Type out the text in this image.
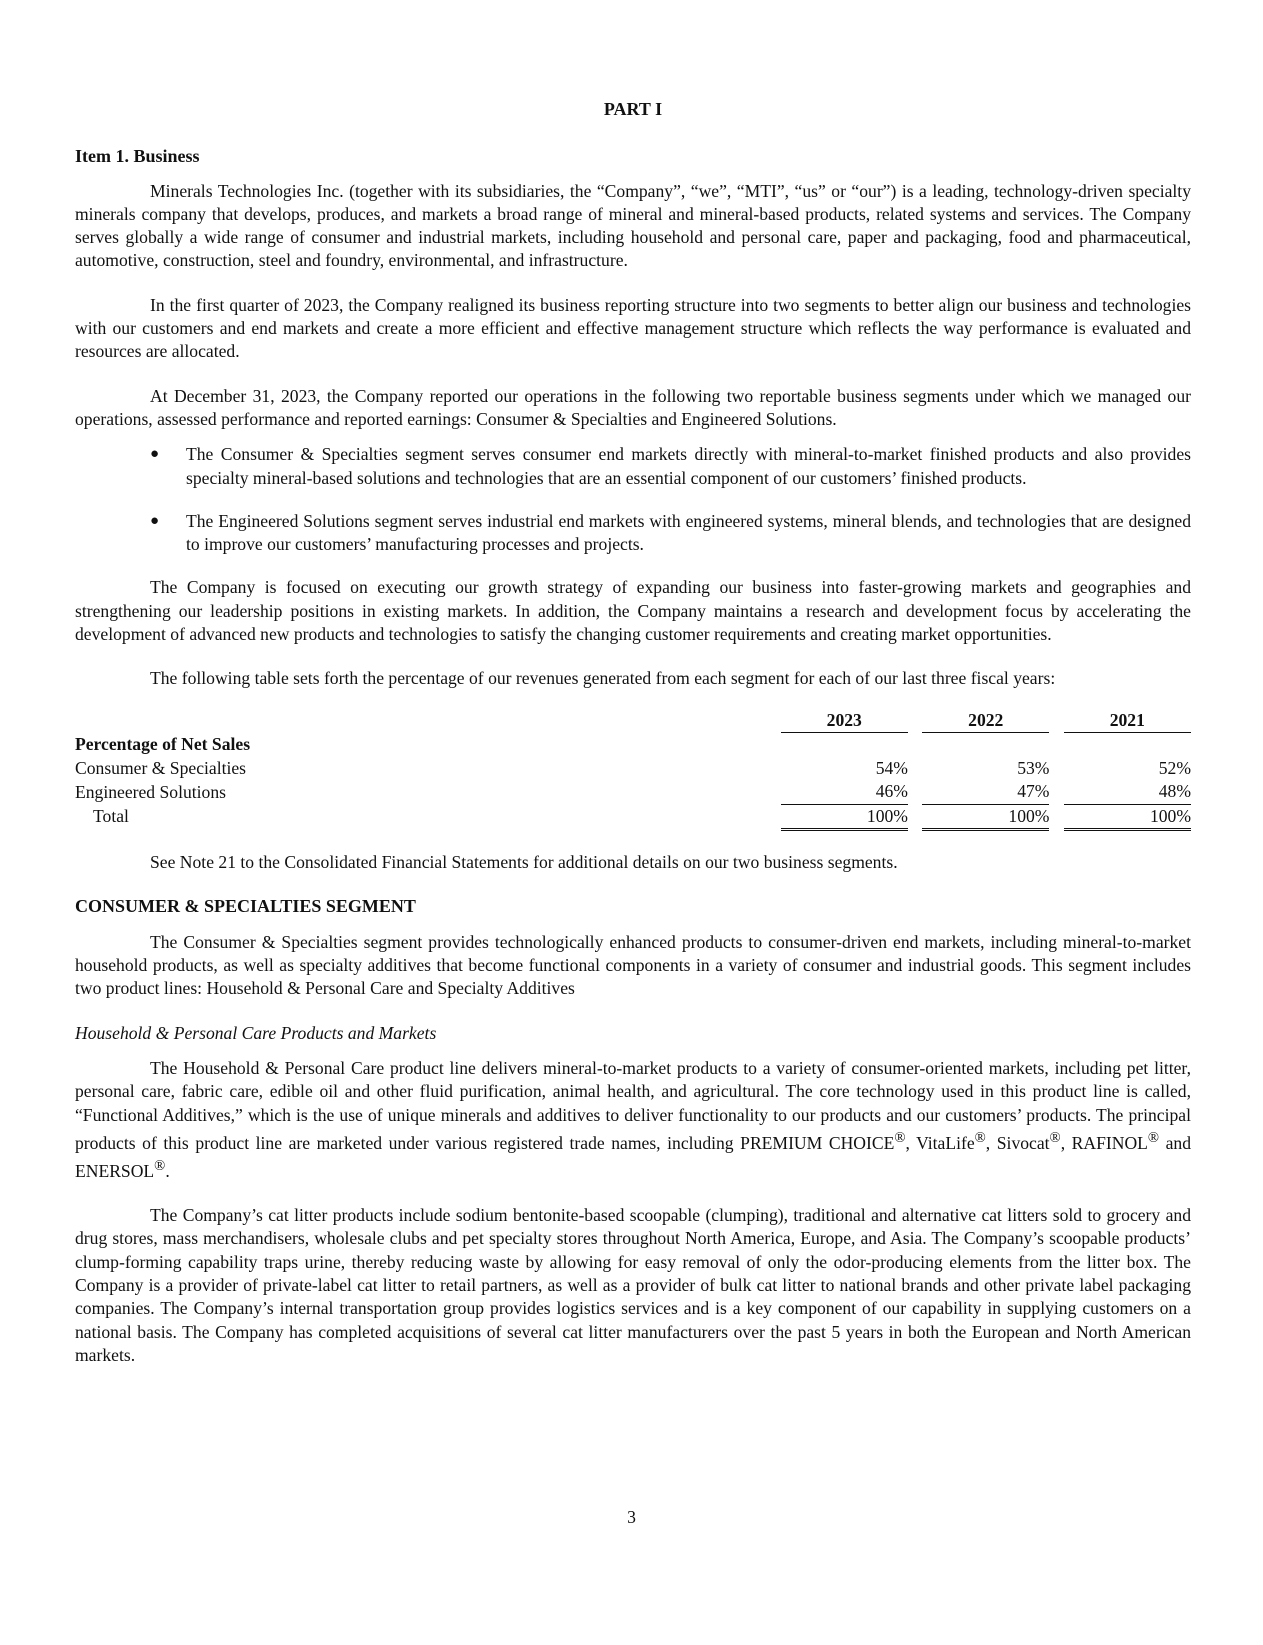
PART I
Item 1. Business

Minerals Technologies Inc. (together with its subsidiaries, the “Company”, “we”, “MTI”, “us” or “our”) is a leading, technology-driven specialty minerals company that develops, produces, and markets a broad range of mineral and mineral-based products, related systems and services. The Company serves globally a wide range of consumer and industrial markets, including household and personal care, paper and packaging, food and pharmaceutical, automotive, construction, steel and foundry, environmental, and infrastructure.

In the first quarter of 2023, the Company realigned its business reporting structure into two segments to better align our business and technologies with our customers and end markets and create a more efficient and effective management structure which reflects the way performance is evaluated and resources are allocated.

At December 31, 2023, the Company reported our operations in the following two reportable business segments under which we managed our operations, assessed performance and reported earnings: Consumer & Specialties and Engineered Solutions.

● The Consumer & Specialties segment serves consumer end markets directly with mineral-to-market finished products and also provides specialty mineral-based solutions and technologies that are an essential component of our customers’ finished products.
● The Engineered Solutions segment serves industrial end markets with engineered systems, mineral blends, and technologies that are designed to improve our customers’ manufacturing processes and projects.

The Company is focused on executing our growth strategy of expanding our business into faster-growing markets and geographies and strengthening our leadership positions in existing markets. In addition, the Company maintains a research and development focus by accelerating the development of advanced new products and technologies to satisfy the changing customer requirements and creating market opportunities.

The following table sets forth the percentage of our revenues generated from each segment for each of our last three fiscal years:

	2023		2022		2021
Percentage of Net Sales					
Consumer & Specialties	54%		53%		52%
Engineered Solutions	46%		47%		48%
Total	100%		100%		100%

See Note 21 to the Consolidated Financial Statements for additional details on our two business segments.

CONSUMER & SPECIALTIES SEGMENT

The Consumer & Specialties segment provides technologically enhanced products to consumer-driven end markets, including mineral-to-market household products, as well as specialty additives that become functional components in a variety of consumer and industrial goods. This segment includes two product lines: Household & Personal Care and Specialty Additives

Household & Personal Care Products and Markets

The Household & Personal Care product line delivers mineral-to-market products to a variety of consumer-oriented markets, including pet litter, personal care, fabric care, edible oil and other fluid purification, animal health, and agricultural. The core technology used in this product line is called, “Functional Additives,” which is the use of unique minerals and additives to deliver functionality to our products and our customers’ products. The principal products of this product line are marketed under various registered trade names, including PREMIUM CHOICE®, VitaLife®, Sivocat®, RAFINOL® and ENERSOL®.

The Company’s cat litter products include sodium bentonite-based scoopable (clumping), traditional and alternative cat litters sold to grocery and drug stores, mass merchandisers, wholesale clubs and pet specialty stores throughout North America, Europe, and Asia. The Company’s scoopable products’ clump-forming capability traps urine, thereby reducing waste by allowing for easy removal of only the odor-producing elements from the litter box. The Company is a provider of private-label cat litter to retail partners, as well as a provider of bulk cat litter to national brands and other private label packaging companies. The Company’s internal transportation group provides logistics services and is a key component of our capability in supplying customers on a national basis. The Company has completed acquisitions of several cat litter manufacturers over the past 5 years in both the European and North American markets.

3
